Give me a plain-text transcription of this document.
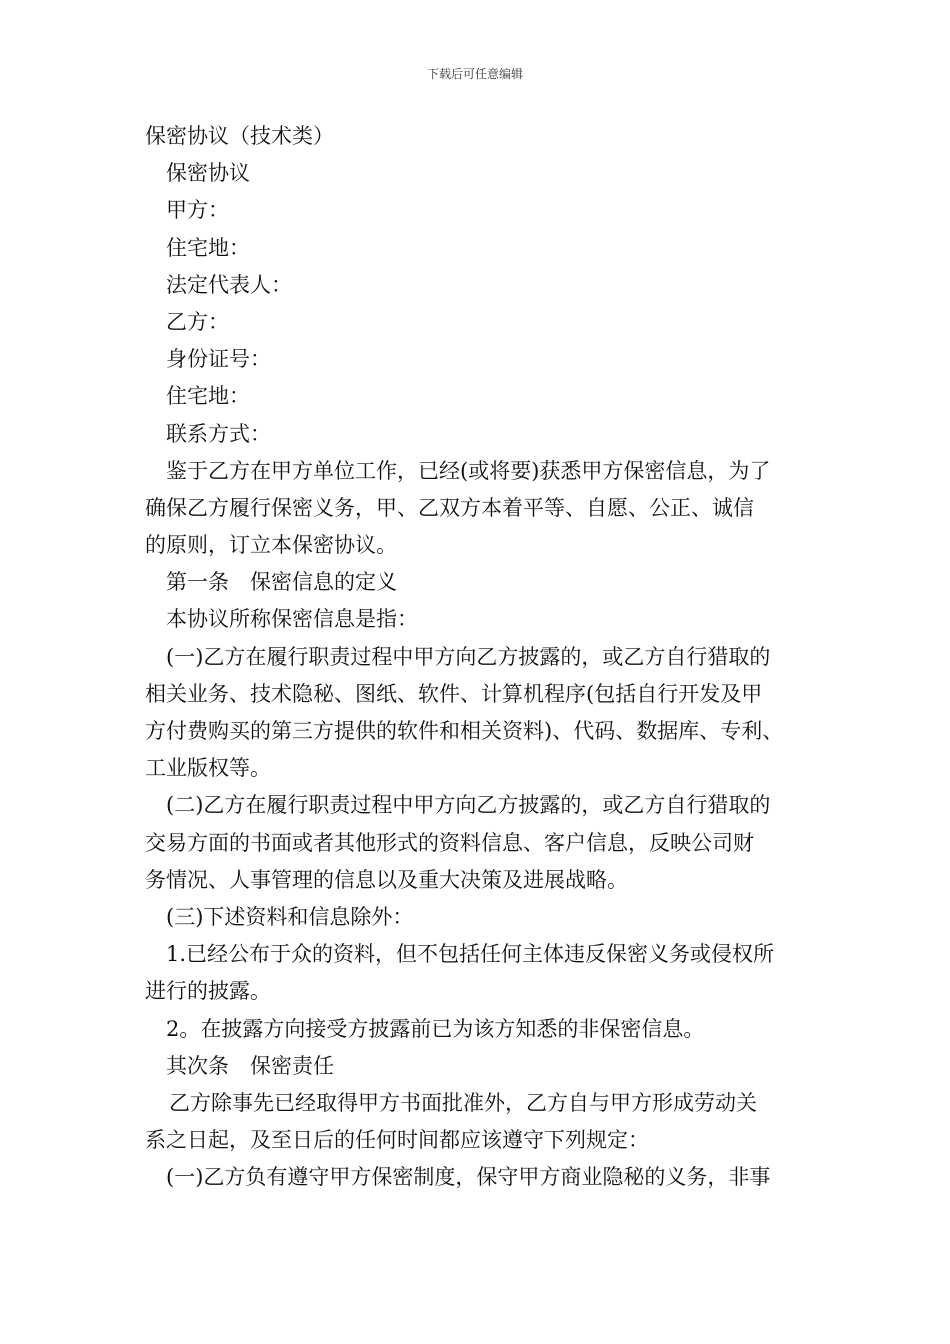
下载后可任意编辑
保密协议（技术类）
保密协议
甲方：
住宅地：
法定代表人：
乙方：
身份证号：
住宅地：
联系方式：
鉴于乙方在甲方单位工作，已经(或将要)获悉甲方保密信息，为了
确保乙方履行保密义务，甲、乙双方本着平等、自愿、公正、诚信
的原则，订立本保密协议。
第一条　保密信息的定义
本协议所称保密信息是指：
(一)乙方在履行职责过程中甲方向乙方披露的，或乙方自行猎取的
相关业务、技术隐秘、图纸、软件、计算机程序(包括自行开发及甲
方付费购买的第三方提供的软件和相关资料)、代码、数据库、专利、
工业版权等。
(二)乙方在履行职责过程中甲方向乙方披露的，或乙方自行猎取的
交易方面的书面或者其他形式的资料信息、客户信息，反映公司财
务情况、人事管理的信息以及重大决策及进展战略。
(三)下述资料和信息除外：
1.已经公布于众的资料，但不包括任何主体违反保密义务或侵权所
进行的披露。
2。在披露方向接受方披露前已为该方知悉的非保密信息。
其次条　保密责任
乙方除事先已经取得甲方书面批准外，乙方自与甲方形成劳动关
系之日起，及至日后的任何时间都应该遵守下列规定：
(一)乙方负有遵守甲方保密制度，保守甲方商业隐秘的义务，非事
